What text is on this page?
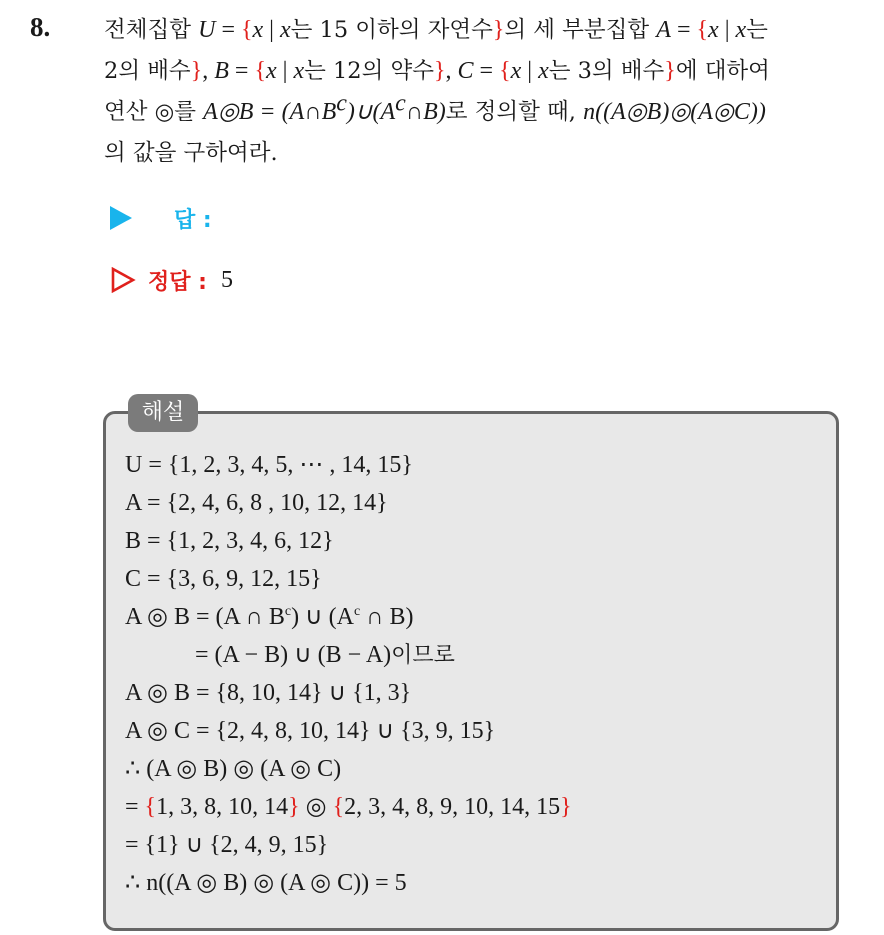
8. 전체집합 U = {x | x는 15 이하의 자연수}의 세 부분집합 A = {x | x는
2의 배수}, B = {x | x는 12의 약수}, C = {x | x는 3의 배수}에 대하여
연산 ◎를 A◎B = $(A\cap B^c)\cup(A^c\cap B)$로 정의할 때, n((A◎B)◎(A◎C))
의 값을 구하여라.
답 :
정답 : 5
해설
U = {1, 2, 3, 4, 5, ⋯ , 14, 15}
A = {2, 4, 6, 8 , 10, 12, 14}
B = {1, 2, 3, 4, 6, 12}
C = {3, 6, 9, 12, 15}
A ◎ B = (A ∩ $B^c$) ∪ ($A^c$ ∩ B)
= (A − B) ∪ (B − A)이므로
A ◎ B = {8, 10, 14} ∪ {1, 3}
A ◎ C = {2, 4, 8, 10, 14} ∪ {3, 9, 15}
∴ (A ◎ B) ◎ (A ◎ C)
= {1, 3, 8, 10, 14} ◎ {2, 3, 4, 8, 9, 10, 14, 15}
= {1} ∪ {2, 4, 9, 15}
∴ n((A ◎ B) ◎ (A ◎ C)) = 5
